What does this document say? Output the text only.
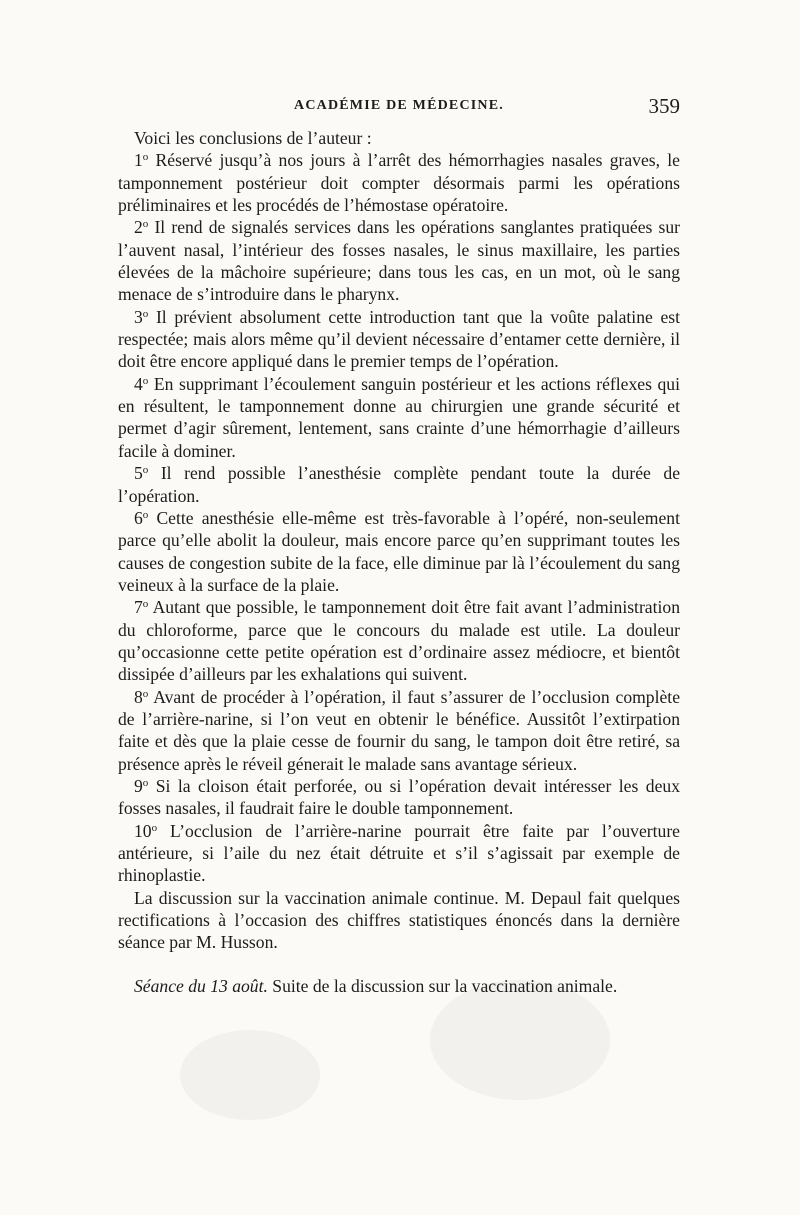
ACADÉMIE DE MÉDECINE.	359

Voici les conclusions de l’auteur :

1$^o$ Réservé jusqu’à nos jours à l’arrêt des hémorrhagies nasales graves, le tamponnement postérieur doit compter désormais parmi les opérations préliminaires et les procédés de l’hémostase opératoire.

2$^o$ Il rend de signalés services dans les opérations sanglantes pratiquées sur l’auvent nasal, l’intérieur des fosses nasales, le sinus maxillaire, les parties élevées de la mâchoire supérieure; dans tous les cas, en un mot, où le sang menace de s’introduire dans le pharynx.

3$^o$ Il prévient absolument cette introduction tant que la voûte palatine est respectée; mais alors même qu’il devient nécessaire d’entamer cette dernière, il doit être encore appliqué dans le premier temps de l’opération.

4$^o$ En supprimant l’écoulement sanguin postérieur et les actions réflexes qui en résultent, le tamponnement donne au chirurgien une grande sécurité et permet d’agir sûrement, lentement, sans crainte d’une hémorrhagie d’ailleurs facile à dominer.

5$^o$ Il rend possible l’anesthésie complète pendant toute la durée de l’opération.

6$^o$ Cette anesthésie elle-même est très-favorable à l’opéré, non-seulement parce qu’elle abolit la douleur, mais encore parce qu’en supprimant toutes les causes de congestion subite de la face, elle diminue par là l’écoulement du sang veineux à la surface de la plaie.

7$^o$ Autant que possible, le tamponnement doit être fait avant l’administration du chloroforme, parce que le concours du malade est utile. La douleur qu’occasionne cette petite opération est d’ordinaire assez médiocre, et bientôt dissipée d’ailleurs par les exhalations qui suivent.

8$^o$ Avant de procéder à l’opération, il faut s’assurer de l’occlusion complète de l’arrière-narine, si l’on veut en obtenir le bénéfice. Aussitôt l’extirpation faite et dès que la plaie cesse de fournir du sang, le tampon doit être retiré, sa présence après le réveil génerait le malade sans avantage sérieux.

9$^o$ Si la cloison était perforée, ou si l’opération devait intéresser les deux fosses nasales, il faudrait faire le double tamponnement.

10$^o$ L’occlusion de l’arrière-narine pourrait être faite par l’ouverture antérieure, si l’aile du nez était détruite et s’il s’agissait par exemple de rhinoplastie.

La discussion sur la vaccination animale continue. M. Depaul fait quelques rectifications à l’occasion des chiffres statistiques énoncés dans la dernière séance par M. Husson.

Séance du 13 août. Suite de la discussion sur la vaccination animale.
